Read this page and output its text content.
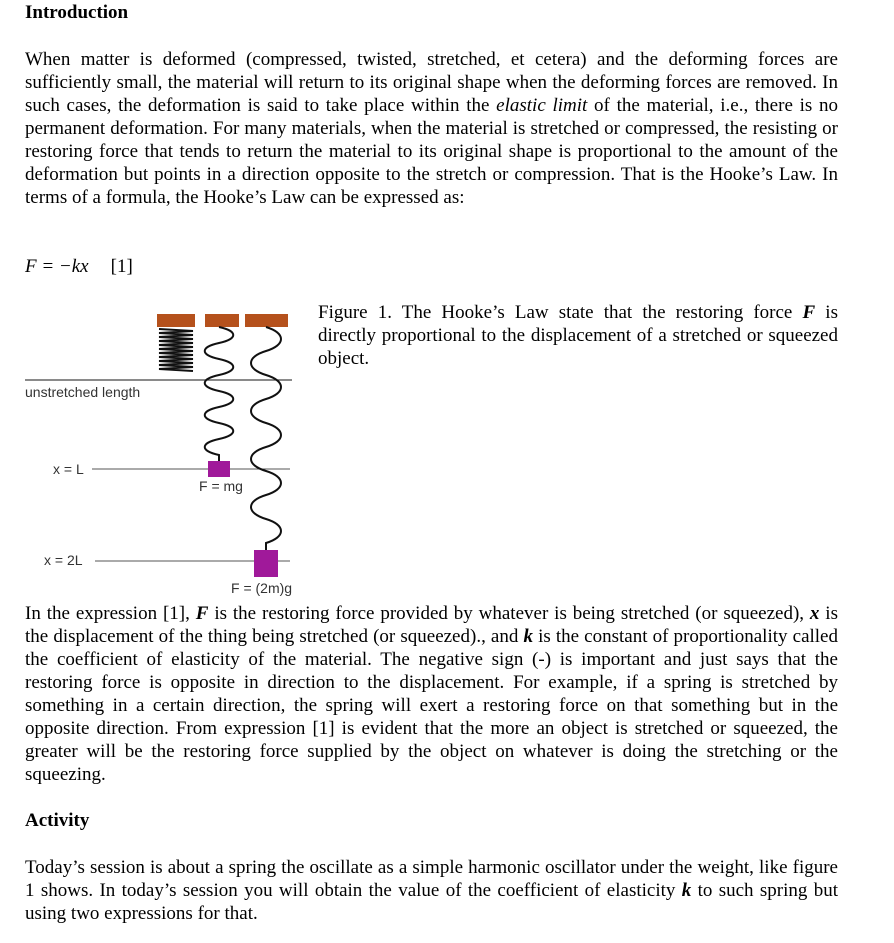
Introduction
When matter is deformed (compressed, twisted, stretched, et cetera) and the deforming forces are sufficiently small, the material will return to its original shape when the deforming forces are removed. In such cases, the deformation is said to take place within the elastic limit of the material, i.e., there is no permanent deformation. For many materials, when the material is stretched or compressed, the resisting or restoring force that tends to return the material to its original shape is proportional to the amount of the deformation but points in a direction opposite to the stretch or compression. That is the Hooke’s Law. In terms of a formula, the Hooke’s Law can be expressed as:
F = −kx [1]
unstretched length
x = L
x = 2L
F = mg
F = (2m)g
Figure 1. The Hooke’s Law state that the restoring force F is directly proportional to the displacement of a stretched or squeezed object.
In the expression [1], F is the restoring force provided by whatever is being stretched (or squeezed), x is the displacement of the thing being stretched (or squeezed)., and k is the constant of proportionality called the coefficient of elasticity of the material. The negative sign (-) is important and just says that the restoring force is opposite in direction to the displacement. For example, if a spring is stretched by something in a certain direction, the spring will exert a restoring force on that something but in the opposite direction. From expression [1] is evident that the more an object is stretched or squeezed, the greater will be the restoring force supplied by the object on whatever is doing the stretching or the squeezing.
Activity
Today’s session is about a spring the oscillate as a simple harmonic oscillator under the weight, like figure 1 shows. In today’s session you will obtain the value of the coefficient of elasticity k to such spring but using two expressions for that.
